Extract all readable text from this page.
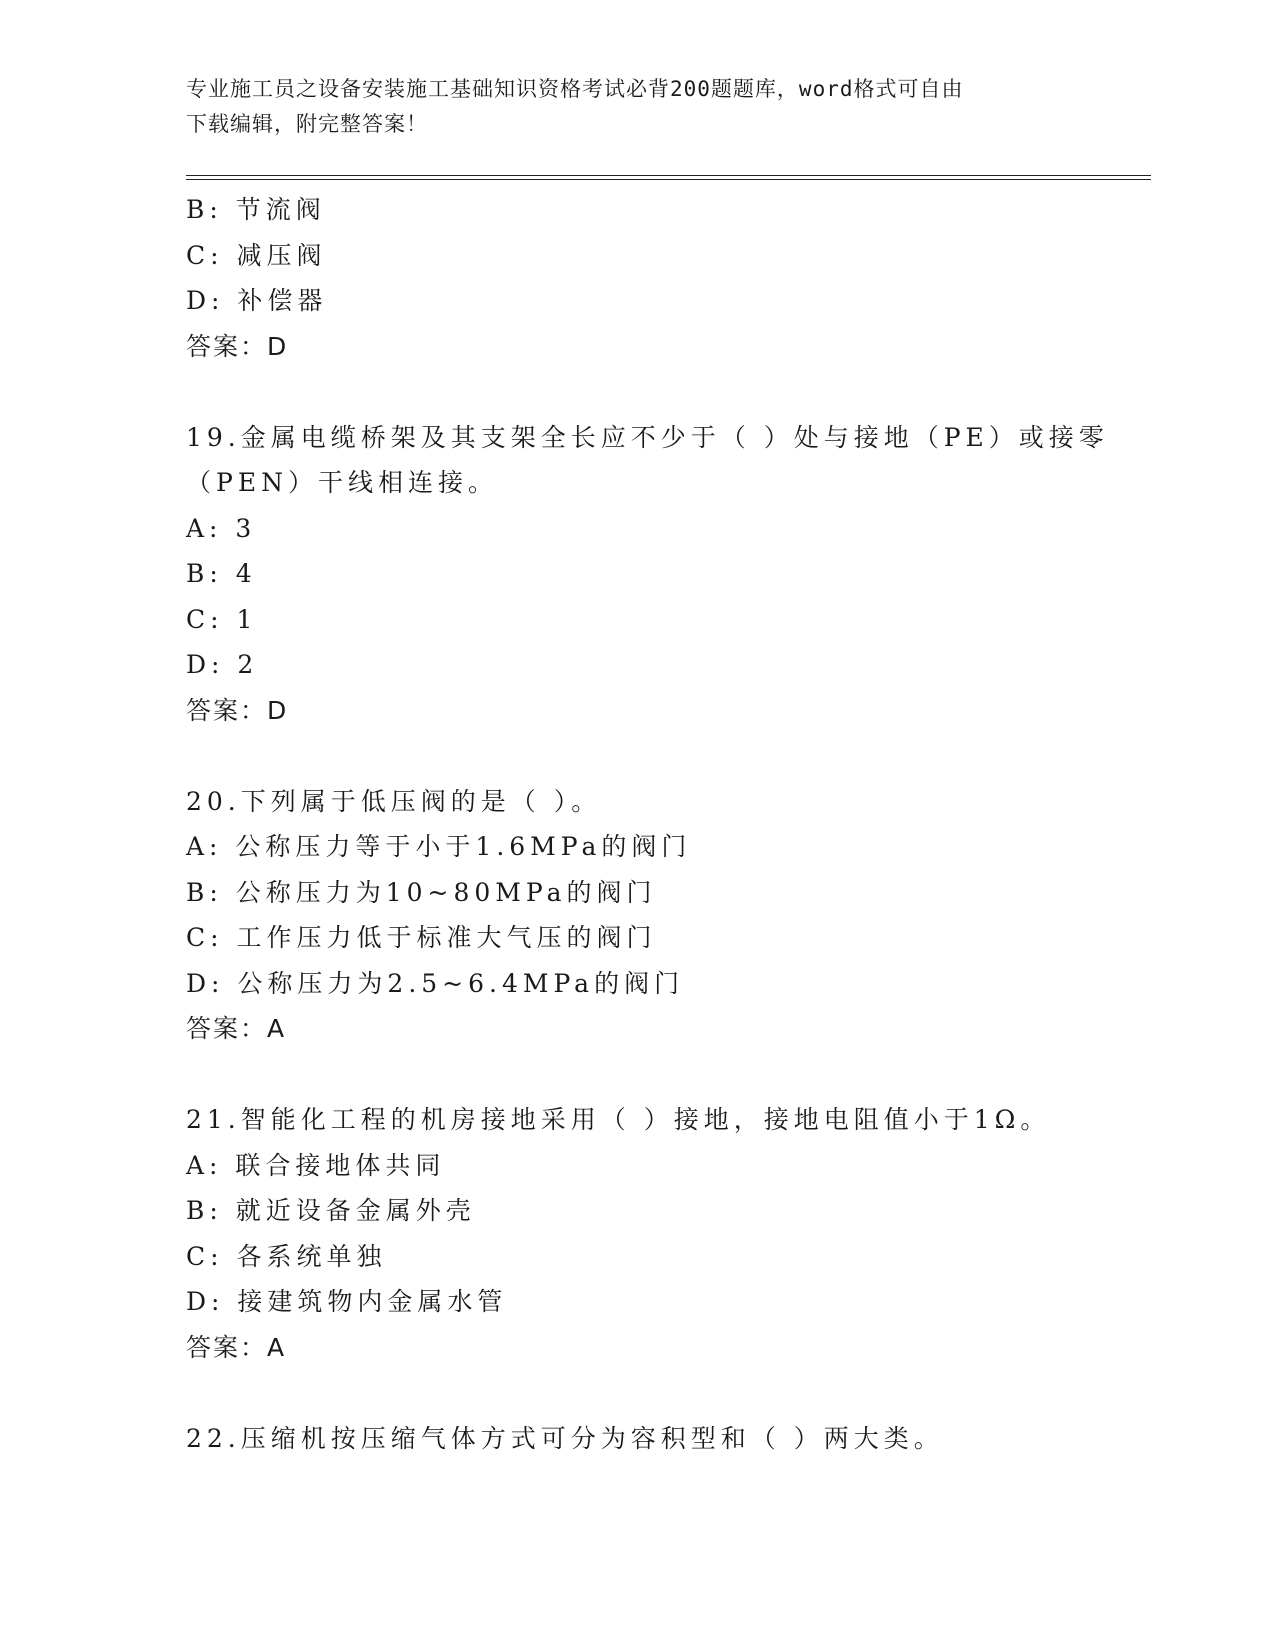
专业施工员之设备安装施工基础知识资格考试必背200题题库，word格式可自由
下载编辑，附完整答案！
B: 节流阀
C: 减压阀
D: 补偿器
答案：D
19.金属电缆桥架及其支架全长应不少于（ ）处与接地（PE）或接零
（PEN）干线相连接。
A: 3
B: 4
C: 1
D: 2
答案：D
20.下列属于低压阀的是（ ）。
A: 公称压力等于小于1.6MPa的阀门
B: 公称压力为10~80MPa的阀门
C: 工作压力低于标准大气压的阀门
D: 公称压力为2.5~6.4MPa的阀门
答案：A
21.智能化工程的机房接地采用（ ）接地，接地电阻值小于1Ω。
A: 联合接地体共同
B: 就近设备金属外壳
C: 各系统单独
D: 接建筑物内金属水管
答案：A
22.压缩机按压缩气体方式可分为容积型和（ ）两大类。
